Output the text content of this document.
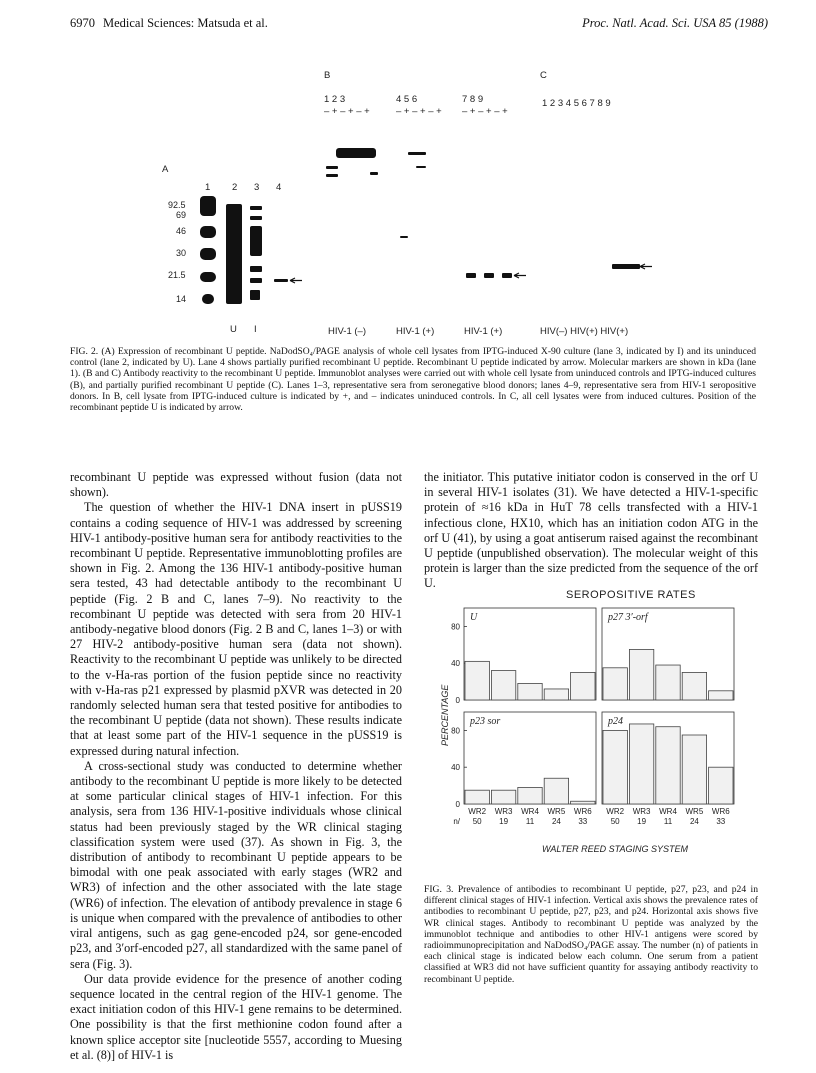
6970 Medical Sciences: Matsuda et al.	Proc. Natl. Acad. Sci. USA 85 (1988)
A
B	C
1 2 3 4
92.5
69
46
30
21.5
14
U I
1 2 3	4 5 6	7 8 9
– + – + – +	– + – + – + – + – + – +
HIV-1 (–)	HIV-1 (+)	HIV-1 (+)
1 2 3 4 5 6 7 8 9
HIV(–) HIV(+) HIV(+)
FIG. 2. (A) Expression of recombinant U peptide. NaDodSO₄/PAGE analysis of whole cell lysates from IPTG-induced X-90 culture (lane 3, indicated by I) and its uninduced control (lane 2, indicated by U). Lane 4 shows partially purified recombinant U peptide. Recombinant U peptide indicated by arrow. Molecular markers are shown in kDa (lane 1). (B and C) Antibody reactivity to the recombinant U peptide. Immunoblot analyses were carried out with whole cell lysate from uninduced controls and IPTG-induced cultures (B), and partially purified recombinant U peptide (C). Lanes 1–3, representative sera from seronegative blood donors; lanes 4–9, representative sera from HIV-1 seropositive donors. In B, cell lysate from IPTG-induced culture is indicated by +, and – indicates uninduced controls. In C, all cell lysates were from induced cultures. Position of the recombinant peptide U is indicated by arrow.

recombinant U peptide was expressed without fusion (data not shown).

The question of whether the HIV-1 DNA insert in pUSS19 contains a coding sequence of HIV-1 was addressed by screening HIV-1 antibody-positive human sera for antibody reactivities to the recombinant U peptide. Representative immunoblotting profiles are shown in Fig. 2. Among the 136 HIV-1 antibody-positive human sera tested, 43 had detectable antibody to the recombinant U peptide (Fig. 2 B and C, lanes 7–9). No reactivity to the recombinant U peptide was detected with sera from 20 HIV-1 antibody-negative blood donors (Fig. 2 B and C, lanes 1–3) or with 27 HIV-2 antibody-positive human sera (data not shown). Reactivity to the recombinant U peptide was unlikely to be directed to the v-Ha-ras portion of the fusion peptide since no reactivity with v-Ha-ras p21 expressed by plasmid pXVR was detected in 20 randomly selected human sera that tested positive for antibodies to the recombinant U peptide (data not shown). These results indicate that at least some part of the HIV-1 sequence in the pUSS19 is expressed during natural infection.

A cross-sectional study was conducted to determine whether antibody to the recombinant U peptide is more likely to be detected at some particular clinical stages of HIV-1 infection. For this analysis, sera from 136 HIV-1-positive individuals whose clinical status had been previously staged by the WR clinical staging classification system were used (37). As shown in Fig. 3, the distribution of antibody to recombinant U peptide appears to be bimodal with one peak associated with early stages (WR2 and WR3) of infection and the other associated with the late stage (WR6) of infection. The elevation of antibody prevalence in stage 6 is unique when compared with the prevalence of antibodies to other viral antigens, such as gag gene-encoded p24, sor gene-encoded p23, and 3′orf-encoded p27, all standardized with the same panel of sera (Fig. 3).

Our data provide evidence for the presence of another coding sequence located in the central region of the HIV-1 genome. The exact initiation codon of this HIV-1 gene remains to be determined. One possibility is that the first methionine codon found after a known splice acceptor site [nucleotide 5557, according to Muesing et al. (8)] of HIV-1 is

the initiator. This putative initiator codon is conserved in the orf U in several HIV-1 isolates (31). We have detected a HIV-1-specific protein of ≈16 kDa in HuT 78 cells transfected with a HIV-1 infectious clone, HX10, which has an initiation codon ATG in the orf U (41), by using a goat antiserum raised against the recombinant U peptide (unpublished observation). The molecular weight of this protein is larger than the size predicted from the sequence of the orf U.

SEROPOSITIVE RATES
PERCENTAGE
WALTER REED STAGING SYSTEM
U
0
40
80
p27 3′-orf
p23 sor
0
40
80
p24
WR2
50
WR3
19
WR4
11
WR5
24
WR6
33
WR2
50
WR3
19
WR4
11
WR5
24
WR6
33
n/
FIG. 3. Prevalence of antibodies to recombinant U peptide, p27, p23, and p24 in different clinical stages of HIV-1 infection. Vertical axis shows the prevalence rates of antibodies to recombinant U peptide, p27, p23, and p24. Horizontal axis shows five WR clinical stages. Antibody to recombinant U peptide was analyzed by the immunoblot technique and antibodies to other HIV-1 antigens were scored by radioimmunoprecipitation and NaDodSO₄/PAGE assay. The number (n) of patients in each clinical stage is indicated below each column. One serum from a patient classified at WR3 did not have sufficient quantity for assaying antibody reactivity to recombinant U peptide.
